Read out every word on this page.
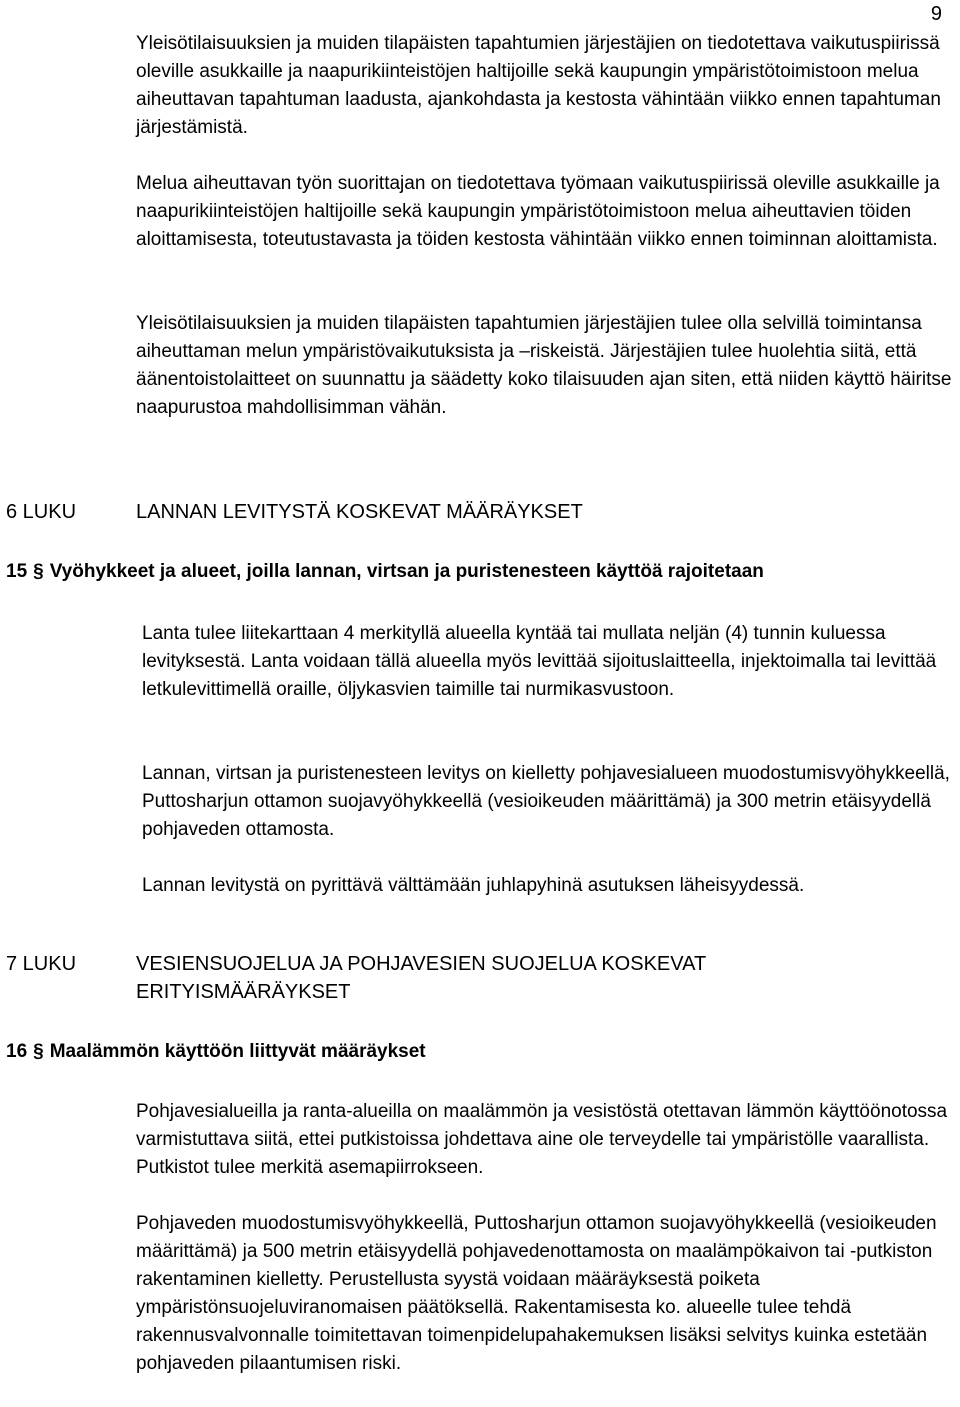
9

Yleisötilaisuuksien ja muiden tilapäisten tapahtumien järjestäjien on tiedotettava vaikutuspiirissä oleville asukkaille ja naapurikiinteistöjen haltijoille sekä kaupungin ympäristötoimistoon melua aiheuttavan tapahtuman laadusta, ajankohdasta ja kestosta vähintään viikko ennen tapahtuman järjestämistä.

Melua aiheuttavan työn suorittajan on tiedotettava työmaan vaikutuspiirissä oleville asukkaille ja naapurikiinteistöjen haltijoille sekä kaupungin ympäristötoimistoon melua aiheuttavien töiden aloittamisesta, toteutustavasta ja töiden kestosta vähintään viikko ennen toiminnan aloittamista.

Yleisötilaisuuksien ja muiden tilapäisten tapahtumien järjestäjien tulee olla selvillä toimintansa aiheuttaman melun ympäristövaikutuksista ja –riskeistä. Järjestäjien tulee huolehtia siitä, että äänentoistolaitteet on suunnattu ja säädetty koko tilaisuuden ajan siten, että niiden käyttö häiritse naapurustoa mahdollisimman vähän.

6 LUKU	LANNAN LEVITYSTÄ KOSKEVAT MÄÄRÄYKSET
15 § Vyöhykkeet ja alueet, joilla lannan, virtsan ja puristenesteen käyttöä rajoitetaan

Lanta tulee liitekarttaan 4 merkityllä alueella kyntää tai mullata neljän (4) tunnin kuluessa levityksestä. Lanta voidaan tällä alueella myös levittää sijoituslaitteella, injektoimalla tai levittää letkulevittimellä oraille, öljykasvien taimille tai nurmikasvustoon.

Lannan, virtsan ja puristenesteen levitys on kielletty pohjavesialueen muodostumisvyöhykkeellä, Puttosharjun ottamon suojavyöhykkeellä (vesioikeuden määrittämä) ja 300 metrin etäisyydellä pohjaveden ottamosta.

Lannan levitystä on pyrittävä välttämään juhlapyhinä asutuksen läheisyydessä.

7 LUKU	VESIENSUOJELUA JA POHJAVESIEN SUOJELUA KOSKEVAT ERITYISMÄÄRÄYKSET
16 § Maalämmön käyttöön liittyvät määräykset

Pohjavesialueilla ja ranta-alueilla on maalämmön ja vesistöstä otettavan lämmön käyttöönotossa varmistuttava siitä, ettei putkistoissa johdettava aine ole terveydelle tai ympäristölle vaarallista. Putkistot tulee merkitä asemapiirrokseen.

Pohjaveden muodostumisvyöhykkeellä, Puttosharjun ottamon suojavyöhykkeellä (vesioikeuden määrittämä) ja 500 metrin etäisyydellä pohjavedenottamosta on maalämpökaivon tai -putkiston rakentaminen kielletty. Perustellusta syystä voidaan määräyksestä poiketa ympäristönsuojeluviranomaisen päätöksellä. Rakentamisesta ko. alueelle tulee tehdä rakennusvalvonnalle toimitettavan toimenpidelupahakemuksen lisäksi selvitys kuinka estetään pohjaveden pilaantumisen riski.
